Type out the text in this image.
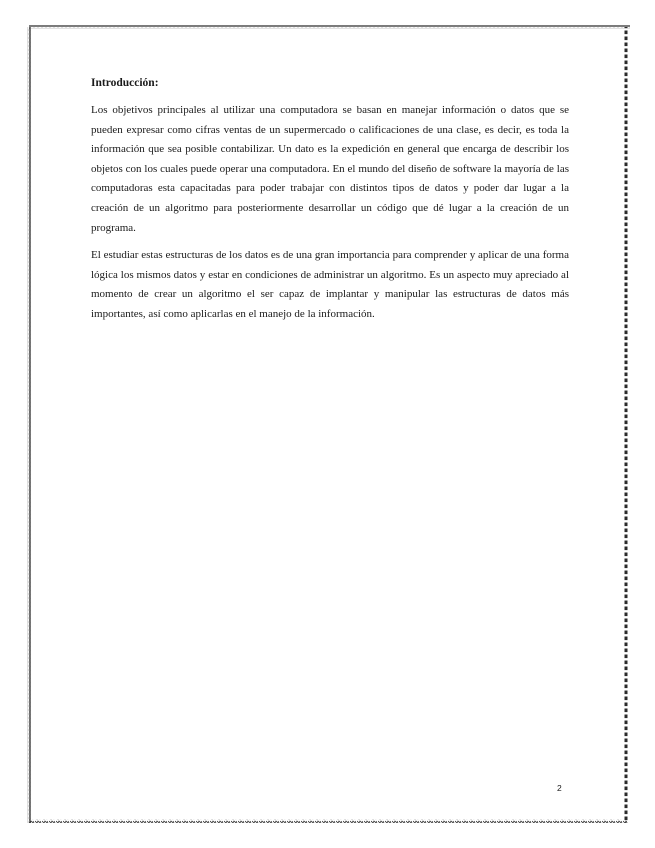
Introducción:

Los objetivos principales al utilizar una computadora se basan en manejar información o datos que se pueden expresar como cifras ventas de un supermercado o calificaciones de una clase, es decir, es toda la información que sea posible contabilizar. Un dato es la expedición en general que encarga de describir los objetos con los cuales puede operar una computadora. En el mundo del diseño de software la mayoría de las computadoras esta capacitadas para poder trabajar con distintos tipos de datos y poder dar lugar a la creación de un algoritmo para posteriormente desarrollar un código que dé lugar a la creación de un programa.

El estudiar estas estructuras de los datos es de una gran importancia para comprender y aplicar de una forma lógica los mismos datos y estar en condiciones de administrar un algoritmo. Es un aspecto muy apreciado al momento de crear un algoritmo el ser capaz de implantar y manipular las estructuras de datos más importantes, así como aplicarlas en el manejo de la información.

2
